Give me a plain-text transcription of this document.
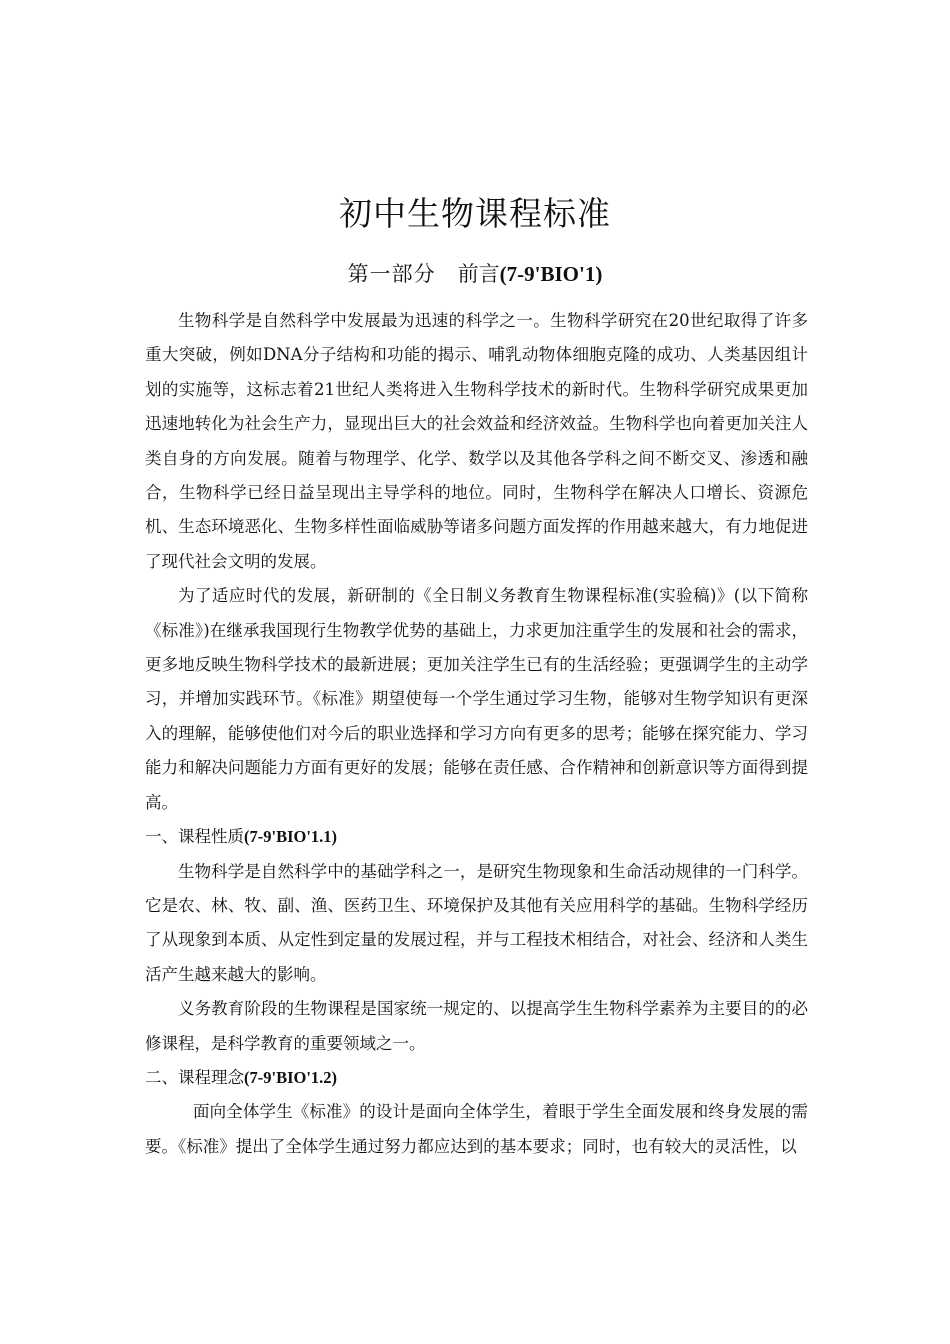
初中生物课程标准
第一部分 前言(7-9'BIO'1)

生物科学是自然科学中发展最为迅速的科学之一。生物科学研究在20世纪取得了许多重大突破，例如DNA分子结构和功能的揭示、哺乳动物体细胞克隆的成功、人类基因组计划的实施等，这标志着21世纪人类将进入生物科学技术的新时代。生物科学研究成果更加迅速地转化为社会生产力，显现出巨大的社会效益和经济效益。生物科学也向着更加关注人类自身的方向发展。随着与物理学、化学、数学以及其他各学科之间不断交叉、渗透和融合，生物科学已经日益呈现出主导学科的地位。同时，生物科学在解决人口增长、资源危机、生态环境恶化、生物多样性面临威胁等诸多问题方面发挥的作用越来越大，有力地促进了现代社会文明的发展。

为了适应时代的发展，新研制的《全日制义务教育生物课程标准(实验稿)》(以下简称《标准》)在继承我国现行生物教学优势的基础上，力求更加注重学生的发展和社会的需求，更多地反映生物科学技术的最新进展；更加关注学生已有的生活经验；更强调学生的主动学习，并增加实践环节。《标准》期望使每一个学生通过学习生物，能够对生物学知识有更深入的理解，能够使他们对今后的职业选择和学习方向有更多的思考；能够在探究能力、学习能力和解决问题能力方面有更好的发展；能够在责任感、合作精神和创新意识等方面得到提高。

一、课程性质(7-9'BIO'1.1)

生物科学是自然科学中的基础学科之一，是研究生物现象和生命活动规律的一门科学。它是农、林、牧、副、渔、医药卫生、环境保护及其他有关应用科学的基础。生物科学经历了从现象到本质、从定性到定量的发展过程，并与工程技术相结合，对社会、经济和人类生活产生越来越大的影响。

义务教育阶段的生物课程是国家统一规定的、以提高学生生物科学素养为主要目的的必修课程，是科学教育的重要领域之一。

二、课程理念(7-9'BIO'1.2)

面向全体学生《标准》的设计是面向全体学生，着眼于学生全面发展和终身发展的需要。《标准》提出了全体学生通过努力都应达到的基本要求；同时，也有较大的灵活性，以
